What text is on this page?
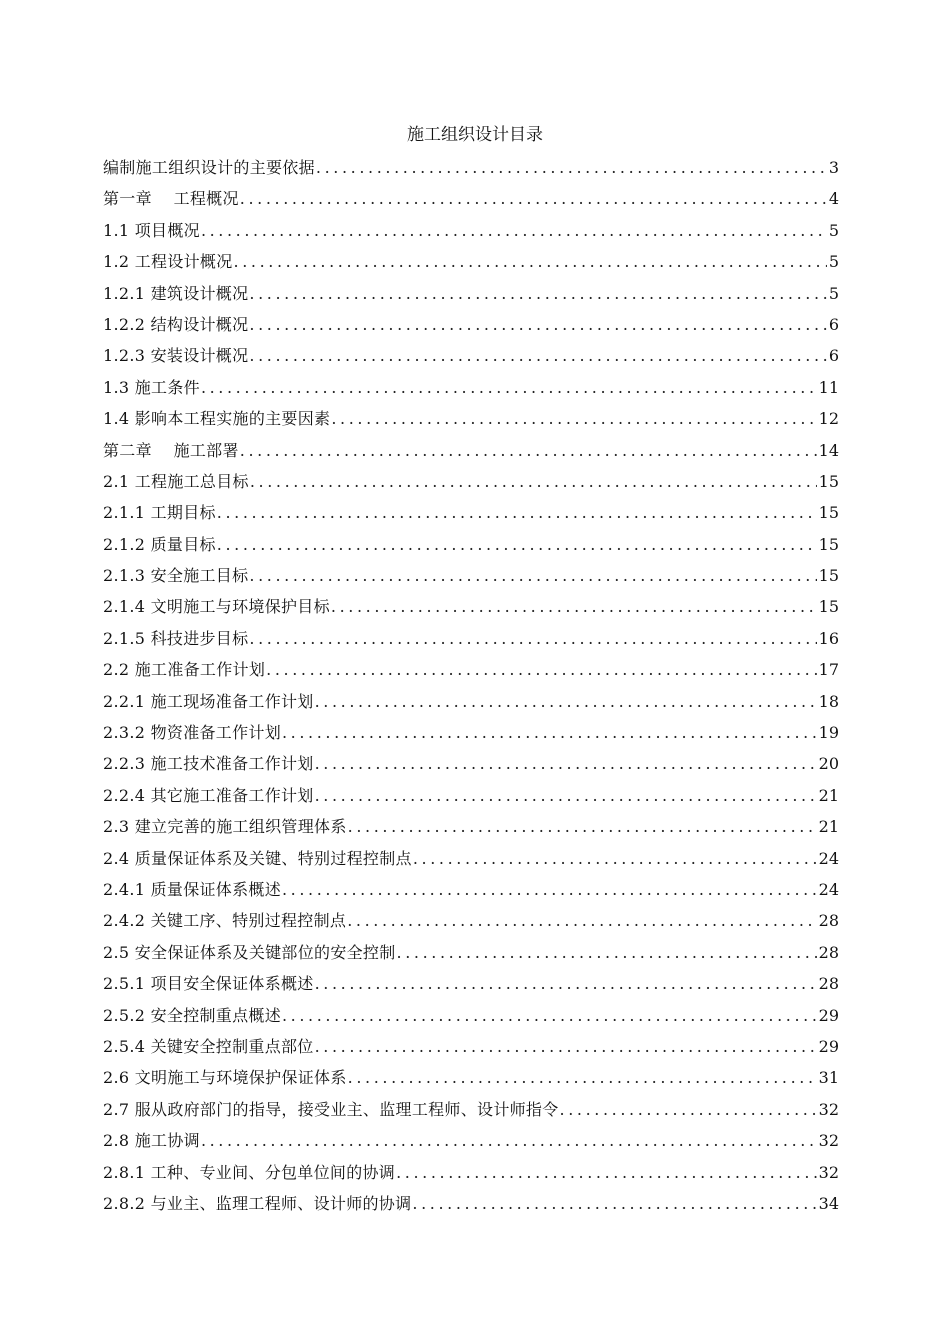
施工组织设计目录
编制施工组织设计的主要依据 .....	3
第一章　 工程概况 .....	4
1.1 项目概况 .....	5
1.2 工程设计概况 .....	5
1.2.1 建筑设计概况 .....	5
1.2.2 结构设计概况 .....	6
1.2.3 安装设计概况 .....	6
1.3 施工条件 .....	11
1.4 影响本工程实施的主要因素 .....	12
第二章　 施工部署 .....	14
2.1 工程施工总目标 .....	15
2.1.1 工期目标 .....	15
2.1.2 质量目标 .....	15
2.1.3 安全施工目标 .....	15
2.1.4 文明施工与环境保护目标 .....	15
2.1.5 科技进步目标 .....	16
2.2 施工准备工作计划 .....	17
2.2.1 施工现场准备工作计划 .....	18
2.3.2 物资准备工作计划 .....	19
2.2.3 施工技术准备工作计划 .....	20
2.2.4 其它施工准备工作计划 .....	21
2.3 建立完善的施工组织管理体系 .....	21
2.4 质量保证体系及关键、特别过程控制点 .....	24
2.4.1 质量保证体系概述 .....	24
2.4.2 关键工序、特别过程控制点 .....	28
2.5 安全保证体系及关键部位的安全控制 .....	28
2.5.1 项目安全保证体系概述 .....	28
2.5.2 安全控制重点概述 .....	29
2.5.4 关键安全控制重点部位 .....	29
2.6 文明施工与环境保护保证体系 .....	31
2.7 服从政府部门的指导，接受业主、监理工程师、设计师指令 .....	32
2.8 施工协调 .....	32
2.8.1 工种、专业间、分包单位间的协调 .....	32
2.8.2 与业主、监理工程师、设计师的协调 .....	34
